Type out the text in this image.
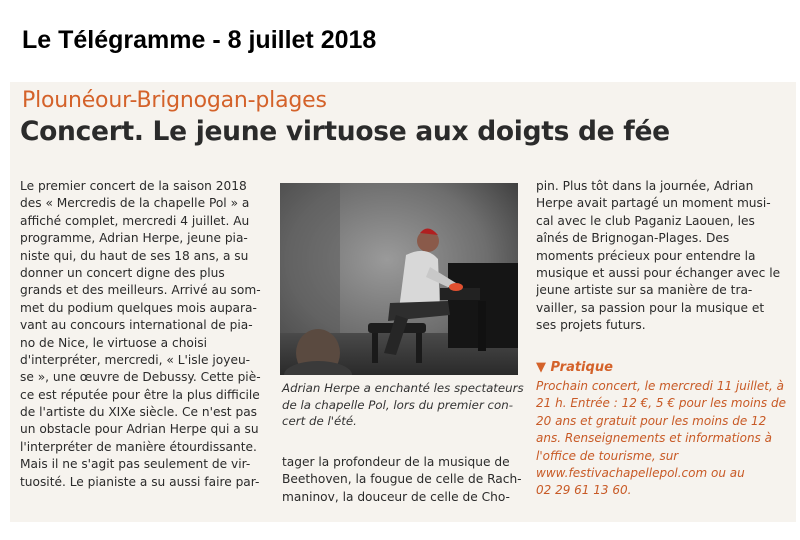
Le Télégramme - 8 juillet 2018
Plounéour-Brignogan-plages
Concert. Le jeune virtuose aux doigts de fée
Le premier concert de la saison 2018
des « Mercredis de la chapelle Pol » a
affiché complet, mercredi 4 juillet. Au
programme, Adrian Herpe, jeune pia-
niste qui, du haut de ses 18 ans, a su
donner un concert digne des plus
grands et des meilleurs. Arrivé au som-
met du podium quelques mois aupara-
vant au concours international de pia-
no de Nice, le virtuose a choisi
d'interpréter, mercredi, « L'isle joyeu-
se », une œuvre de Debussy. Cette piè-
ce est réputée pour être la plus difficile
de l'artiste du XIXe siècle. Ce n'est pas
un obstacle pour Adrian Herpe qui a su
l'interpréter de manière étourdissante.
Mais il ne s'agit pas seulement de vir-
tuosité. Le pianiste a su aussi faire par-
Adrian Herpe a enchanté les spectateurs
de la chapelle Pol, lors du premier con-
cert de l'été.
tager la profondeur de la musique de
Beethoven, la fougue de celle de Rach-
maninov, la douceur de celle de Cho-
pin. Plus tôt dans la journée, Adrian
Herpe avait partagé un moment musi-
cal avec le club Paganiz Laouen, les
aînés de Brignogan-Plages. Des
moments précieux pour entendre la
musique et aussi pour échanger avec le
jeune artiste sur sa manière de tra-
vailler, sa passion pour la musique et
ses projets futurs.
▼ Pratique
Prochain concert, le mercredi 11 juillet, à
21 h. Entrée : 12 €, 5 € pour les moins de
20 ans et gratuit pour les moins de 12
ans. Renseignements et informations à
l'office de tourisme, sur
www.festivachapellepol.com ou au
02 29 61 13 60.
